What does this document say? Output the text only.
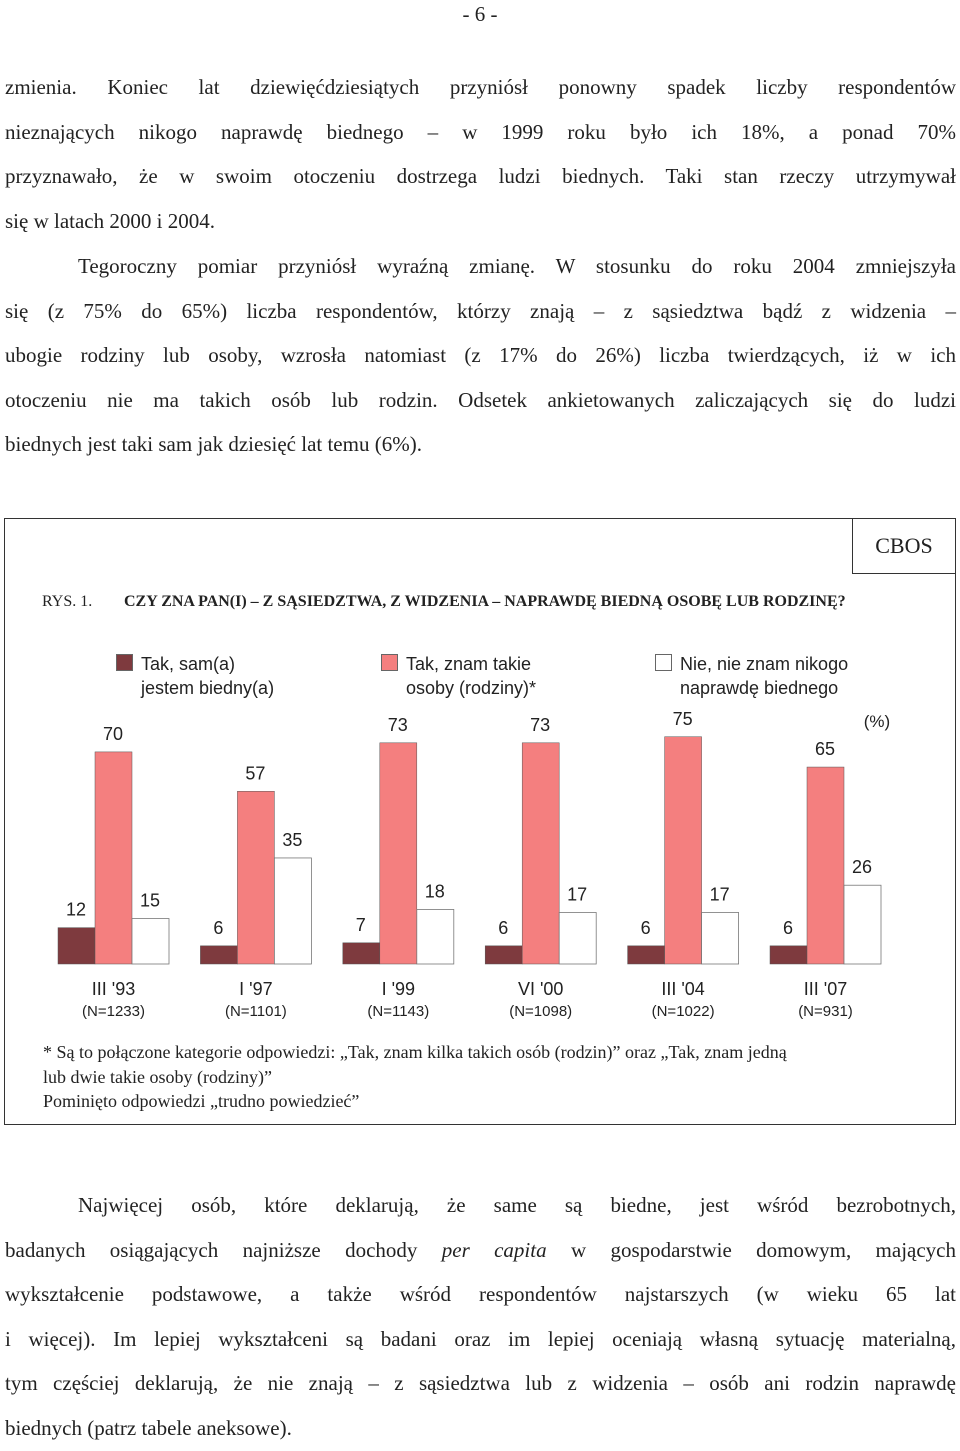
- 6 -
zmienia. Koniec lat dziewięćdziesiątych przyniósł ponowny spadek liczby respondentów
nieznających nikogo naprawdę biednego – w 1999 roku było ich 18%, a ponad 70%
przyznawało, że w swoim otoczeniu dostrzega ludzi biednych. Taki stan rzeczy utrzymywał
się w latach 2000 i 2004.
Tegoroczny pomiar przyniósł wyraźną zmianę. W stosunku do roku 2004 zmniejszyła
się (z 75% do 65%) liczba respondentów, którzy znają – z sąsiedztwa bądź z widzenia –
ubogie rodziny lub osoby, wzrosła natomiast (z 17% do 26%) liczba twierdzących, iż w ich
otoczeniu nie ma takich osób lub rodzin. Odsetek ankietowanych zaliczających się do ludzi
biednych jest taki sam jak dziesięć lat temu (6%).
CBOS
RYS. 1. CZY ZNA PAN(I) – Z SĄSIEDZTWA, Z WIDZENIA – NAPRAWDĘ BIEDNĄ OSOBĘ LUB RODZINĘ?
Tak, sam(a)
jestem biedny(a)
Tak, znam takie
osoby (rodziny)*
Nie, nie znam nikogo
naprawdę biednego
(%)
12
70
15
III '93
(N=1233)
6
57
35
I '97
(N=1101)
7
73
18
I '99
(N=1143)
6
73
17
VI '00
(N=1098)
6
75
17
III '04
(N=1022)
6
65
26
III '07
(N=931)
* Są to połączone kategorie odpowiedzi: „Tak, znam kilka takich osób (rodzin)” oraz „Tak, znam jedną
lub dwie takie osoby (rodziny)”
Pominięto odpowiedzi „trudno powiedzieć”
Najwięcej osób, które deklarują, że same są biedne, jest wśród bezrobotnych,
badanych osiągających najniższe dochody per capita w gospodarstwie domowym, mających
wykształcenie podstawowe, a także wśród respondentów najstarszych (w wieku 65 lat
i więcej). Im lepiej wykształceni są badani oraz im lepiej oceniają własną sytuację materialną,
tym częściej deklarują, że nie znają – z sąsiedztwa lub z widzenia – osób ani rodzin naprawdę
biednych (patrz tabele aneksowe).
